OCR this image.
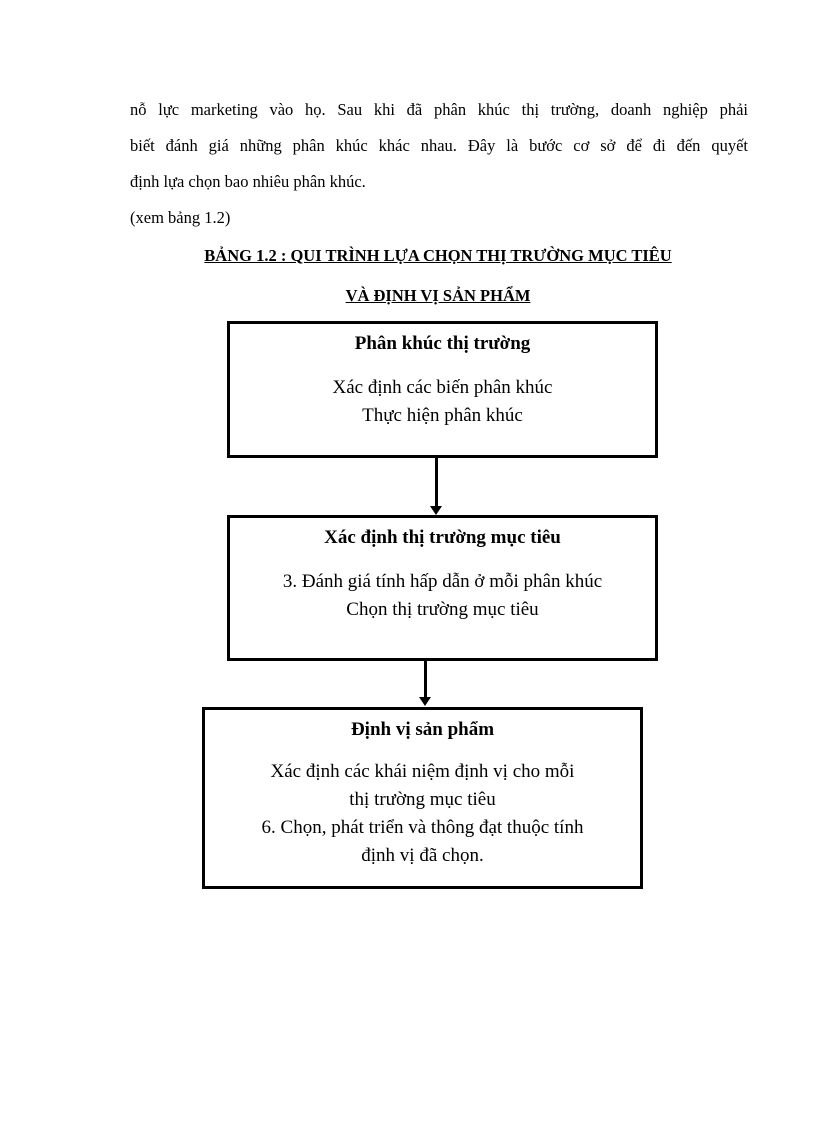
nỗ lực marketing vào họ. Sau khi đã phân khúc thị trường, doanh nghiệp phải
biết đánh giá những phân khúc khác nhau. Đây là bước cơ sở để đi đến quyết
định lựa chọn bao nhiêu phân khúc.
(xem bảng 1.2)
BẢNG 1.2 : QUI TRÌNH LỰA CHỌN THỊ TRƯỜNG MỤC TIÊU
VÀ ĐỊNH VỊ SẢN PHẨM
Phân khúc thị trường
Xác định các biến phân khúc
Thực hiện phân khúc
Xác định thị trường mục tiêu
3. Đánh giá tính hấp dẫn ở mỗi phân khúc
Chọn thị trường mục tiêu
Định vị sản phẩm
Xác định các khái niệm định vị cho mỗi
thị trường mục tiêu
6. Chọn, phát triển và thông đạt thuộc tính
định vị đã chọn.
